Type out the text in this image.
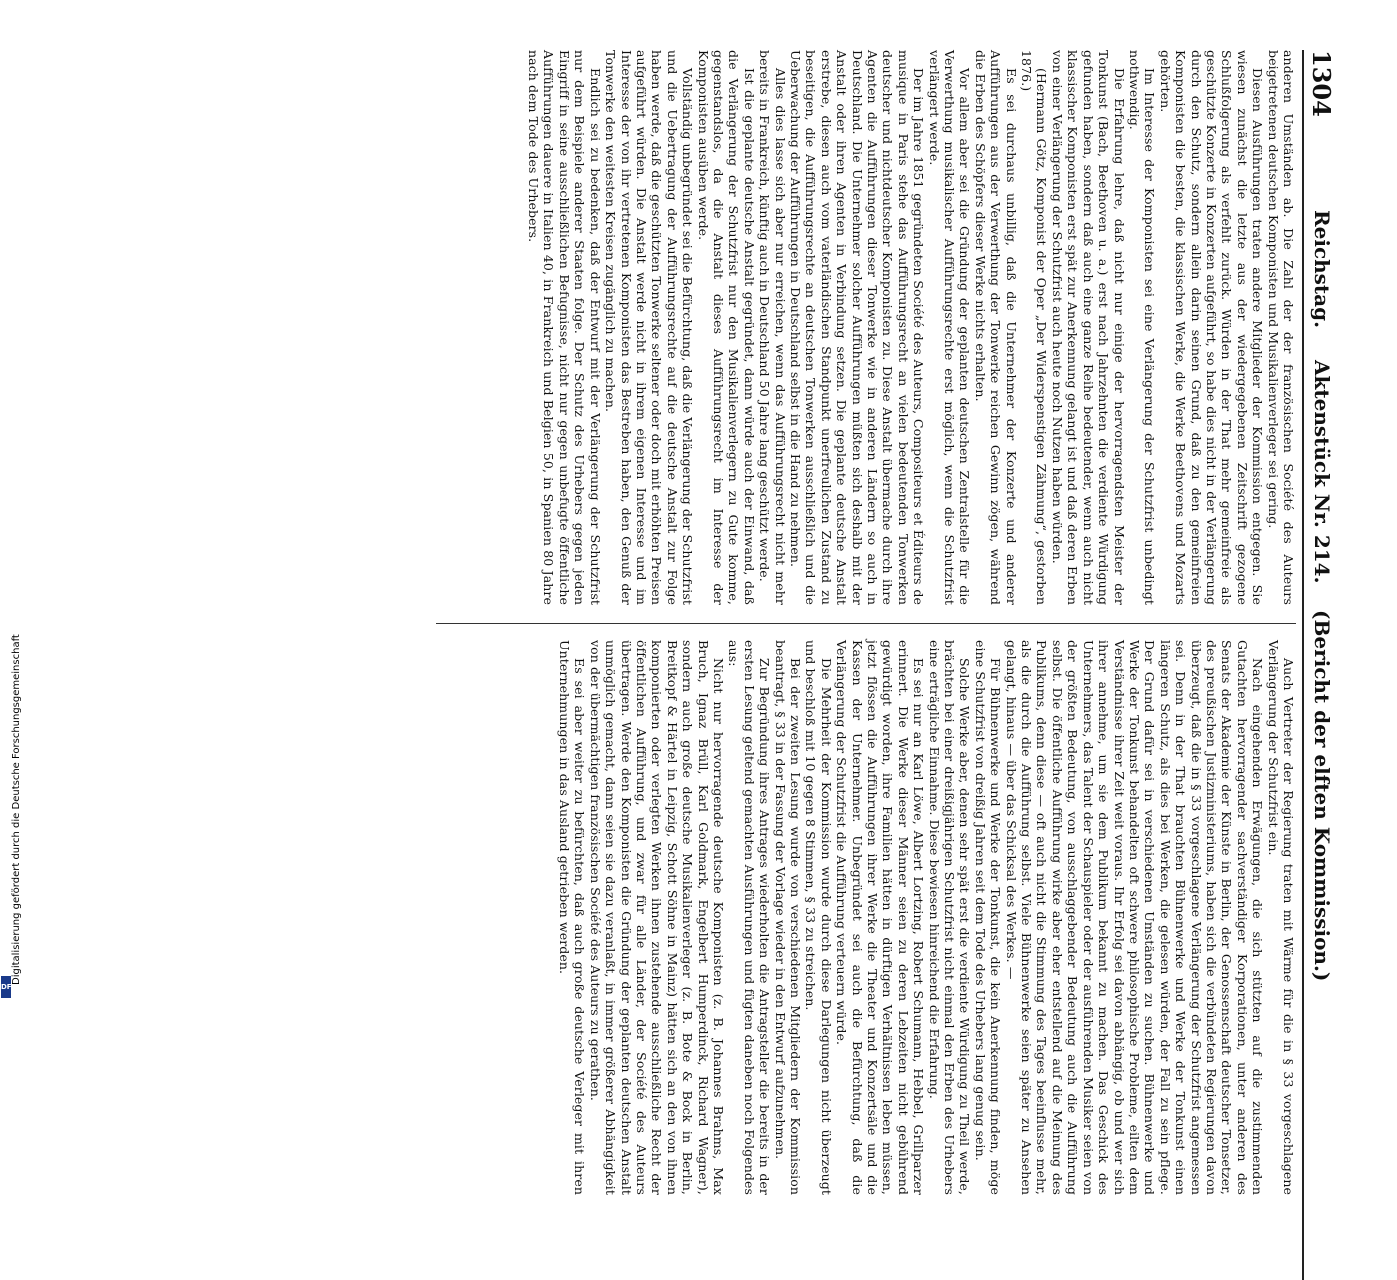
1304
Reichstag.
Aktenstück Nr. 214.
(Bericht der elften Kommission.)

anderen Umständen ab. Die Zahl der der französischen Société des Auteurs beigetretenen deutschen Komponisten und Musikalienverleger sei gering.

Diesen Ausführungen traten andere Mitglieder der Kommission entgegen. Sie wiesen zunächst die letzte aus der wiedergegebenen Zeitschrift gezogene Schlußfolgerung als verfehlt zurück. Würden in der That mehr gemeinfreie als geschützte Konzerte in Konzerten aufgeführt, so habe dies nicht in der Verlängerung durch den Schutz, sondern allein darin seinen Grund, daß zu den gemeinfreien Komponisten die besten, die klassischen Werke, die Werke Beethovens und Mozarts gehörten.

Im Interesse der Komponisten sei eine Verlängerung der Schutzfrist unbedingt nothwendig.

Die Erfahrung lehre, daß nicht nur einige der hervorragendsten Meister der Tonkunst (Bach, Beethoven u. a.) erst nach Jahrzehnten die verdiente Würdigung gefunden haben, sondern daß auch eine ganze Reihe bedeutender, wenn auch nicht klassischer Komponisten erst spät zur Anerkennung gelangt ist und daß deren Erben von einer Verlängerung der Schutzfrist auch heute noch Nutzen haben würden.

(Hermann Götz, Komponist der Oper „Der Widerspenstigen Zähmung“, gestorben 1876.)

Es sei durchaus unbillig, daß die Unternehmer der Konzerte und anderer Aufführungen aus der Verwerthung der Tonwerke reichen Gewinn zögen, während die Erben des Schöpfers dieser Werke nichts erhalten.

Vor allem aber sei die Gründung der geplanten deutschen Zentralstelle für die Verwerthung musikalischer Aufführungsrechte erst möglich, wenn die Schutzfrist verlängert werde.

Der im Jahre 1851 gegründeten Société des Auteurs, Compositeurs et Éditeurs de musique in Paris stehe das Aufführungsrecht an vielen bedeutenden Tonwerken deutscher und nichtdeutscher Komponisten zu. Diese Anstalt übermache durch ihre Agenten die Aufführungen dieser Tonwerke wie in anderen Ländern so auch in Deutschland. Die Unternehmer solcher Aufführungen müßten sich deshalb mit der Anstalt oder ihren Agenten in Verbindung setzen. Die geplante deutsche Anstalt erstrebe, diesen auch vom vaterländischen Standpunkt unerfreulichen Zustand zu beseitigen, die Aufführungsrechte an deutschen Tonwerken ausschließlich und die Ueberwachung der Aufführungen in Deutschland selbst in die Hand zu nehmen.

Alles dies lasse sich aber nur erreichen, wenn das Aufführungsrecht nicht mehr bereits in Frankreich, künftig auch in Deutschland 50 Jahre lang geschützt werde.

Ist die geplante deutsche Anstalt gegründet, dann würde auch der Einwand, daß die Verlängerung der Schutzfrist nur den Musikalienverlegern zu Gute komme, gegenstandslos, da die Anstalt dieses Aufführungsrecht im Interesse der Komponisten ausüben werde.

Vollständig unbegründet sei die Befürchtung, daß die Verlängerung der Schutzfrist und die Uebertragung der Aufführungsrechte auf die deutsche Anstalt zur Folge haben werde, daß die geschützten Tonwerke seltener oder doch mit erhöhten Preisen aufgeführt würden. Die Anstalt werde nicht in ihrem eigenen Interesse und im Interesse der von ihr vertretenen Komponisten das Bestreben haben, den Genuß der Tonwerke den weitesten Kreisen zugänglich zu machen.

Endlich sei zu bedenken, daß der Entwurf mit der Verlängerung der Schutzfrist nur dem Beispiele anderer Staaten folge. Der Schutz des Urhebers gegen jeden Eingriff in seine ausschließlichen Befugnisse, nicht nur gegen unbefugte öffentliche Aufführungen dauere in Italien 40, in Frankreich und Belgien 50, in Spanien 80 Jahre nach dem Tode des Urhebers.

Auch Vertreter der Regierung traten mit Wärme für die in § 33 vorgeschlagene Verlängerung der Schutzfrist ein.

Nach eingehenden Erwägungen, die sich stützten auf die zustimmenden Gutachten hervorragender sachverständiger Korporationen, unter anderen des Senats der Akademie der Künste in Berlin, der Genossenschaft deutscher Tonsetzer, des preußischen Justizministeriums, haben sich die verbündeten Regierungen davon überzeugt, daß die in § 33 vorgeschlagene Verlängerung der Schutzfrist angemessen sei. Denn in der That brauchten Bühnenwerke und Werke der Tonkunst einen längeren Schutz, als dies bei Werken, die gelesen würden, der Fall zu sein pflege. Der Grund dafür sei in verschiedenen Umständen zu suchen. Bühnenwerke und Werke der Tonkunst behandelten oft schwere philosophische Probleme, eilten dem Verständnisse ihrer Zeit weit voraus. Ihr Erfolg sei davon abhängig, ob und wer sich ihrer annehme, um sie dem Publikum bekannt zu machen. Das Geschick des Unternehmers, das Talent der Schauspieler oder der ausführenden Musiker seien von der größten Bedeutung, von ausschlaggebender Bedeutung auch die Aufführung selbst. Die öffentliche Aufführung wirke aber eher entstellend auf die Meinung des Publikums, denn diese — oft auch nicht die Stimmung des Tages beeinflusse mehr, als die durch die Aufführung selbst. Viele Bühnenwerke seien später zu Ansehen gelangt, hinaus — über das Schicksal des Werkes. —

Für Bühnenwerke und Werke der Tonkunst, die kein Anerkennung finden, möge eine Schutzfrist von dreißig Jahren seit dem Tode des Urhebers lang genug sein.

Solche Werke aber, denen sehr spät erst die verdiente Würdigung zu Theil werde, brächten bei einer dreißigjährigen Schutzfrist nicht einmal den Erben des Urhebers eine erträgliche Einnahme. Diese bewiesen hinreichend die Erfahrung.

Es sei nur an Karl Löwe, Albert Lortzing, Robert Schumann, Hebbel, Grillparzer erinnert. Die Werke dieser Männer seien zu deren Lebzeiten nicht gebührend gewürdigt worden, ihre Familien hätten in dürftigen Verhältnissen leben müssen, jetzt flössen die Aufführungen ihrer Werke die Theater und Konzertsäle und die Kassen der Unternehmer. Unbegründet sei auch die Befürchtung, daß die Verlängerung der Schutzfrist die Aufführung verteuern würde.

Die Mehrheit der Kommission wurde durch diese Darlegungen nicht überzeugt und beschloß mit 10 gegen 8 Stimmen, § 33 zu streichen.

Bei der zweiten Lesung wurde von verschiedenen Mitgliedern der Kommission beantragt, § 33 in der Fassung der Vorlage wieder in den Entwurf aufzunehmen.

Zur Begründung ihres Antrages wiederholten die Antragsteller die bereits in der ersten Lesung geltend gemachten Ausführungen und fügten daneben noch Folgendes aus:

Nicht nur hervorragende deutsche Komponisten (z. B. Johannes Brahms, Max Bruch, Ignaz Brüll, Karl Goldmark, Engelbert Humperdinck, Richard Wagner), sondern auch große deutsche Musikalienverleger (z. B. Bote & Bock in Berlin, Breitkopf & Härtel in Leipzig, Schott Söhne in Mainz) hätten sich an den von ihnen komponierten oder verlegten Werken ihnen zustehende ausschließliche Recht der öffentlichen Aufführung, und zwar für alle Länder, der Société des Auteurs übertragen. Werde den Komponisten die Gründung der geplanten deutschen Anstalt unmöglich gemacht, dann seien sie dazu veranlaßt, in immer größerer Abhängigkeit von der übermächtigen französischen Société des Auteurs zu gerathen.

Es sei aber weiter zu befürchten, daß auch große deutsche Verleger mit ihren Unternehmungen in das Ausland getrieben werden.

Digitalisierung gefördert durch die Deutsche Forschungsgemeinschaft
DFG
